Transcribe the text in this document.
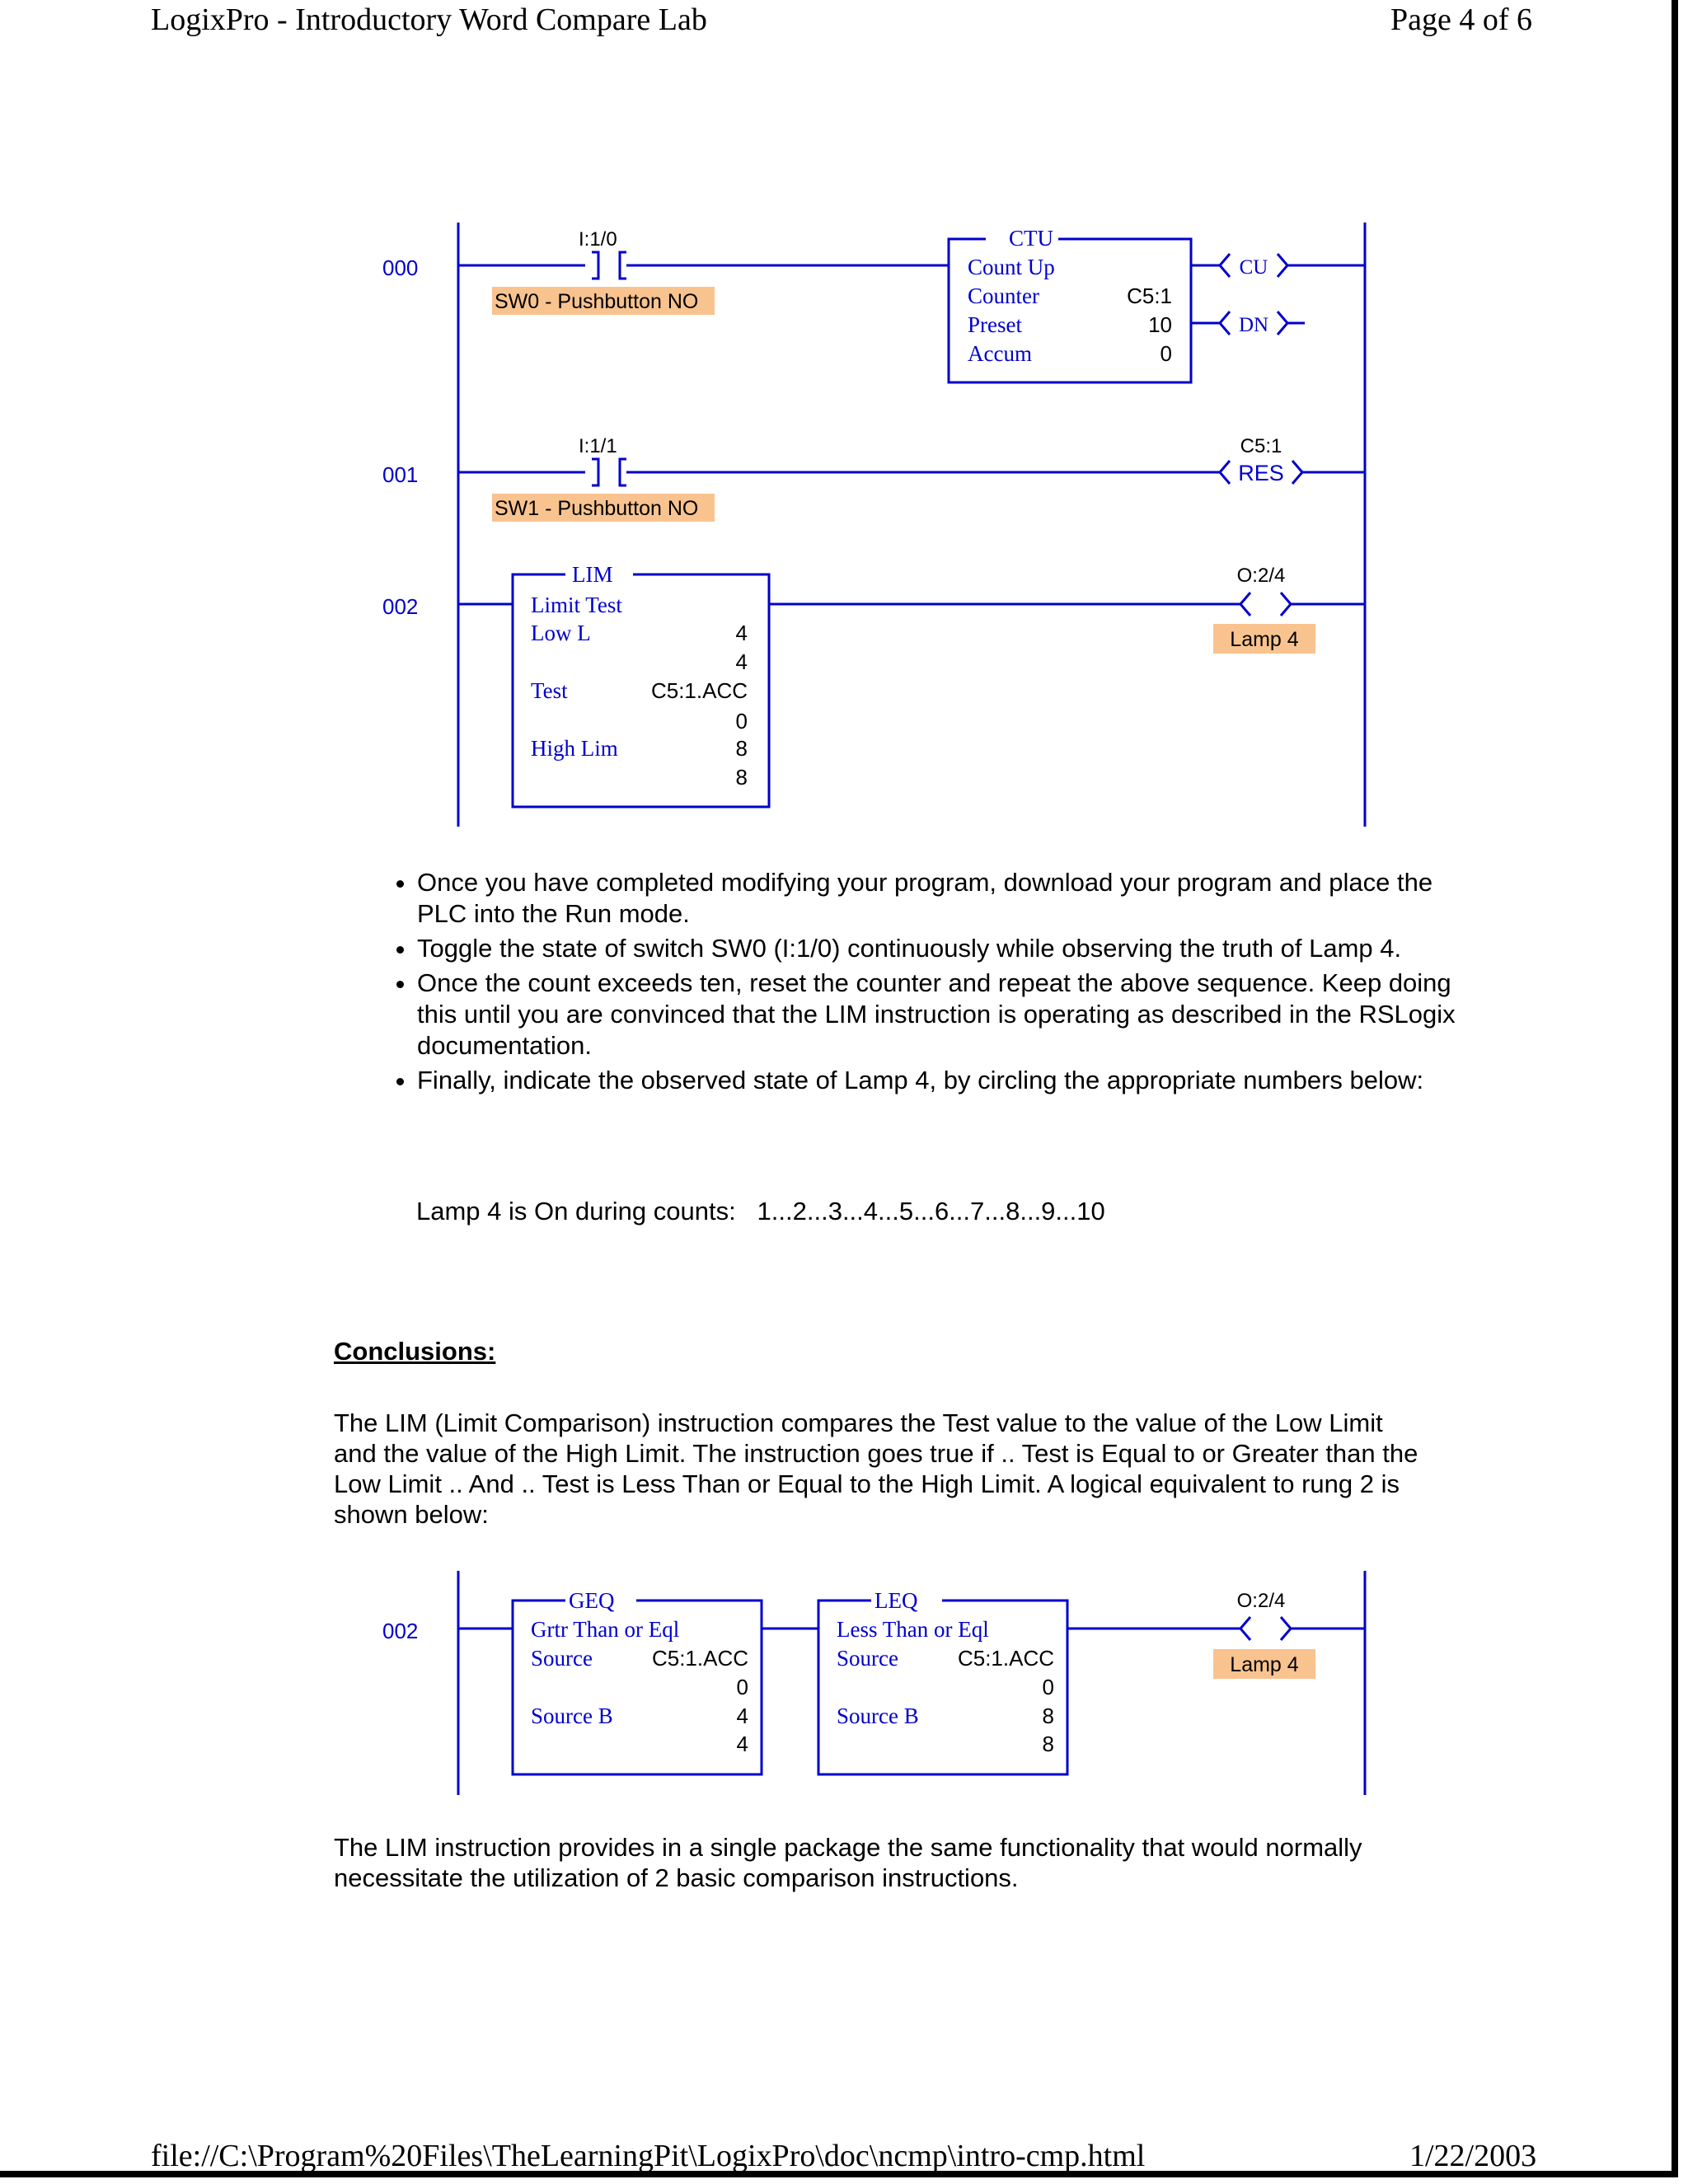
LogixPro - Introductory Word Compare Lab	Page 4 of 6
000
001
002
I:1/0
I:1/1
SW0 - Pushbutton NO
SW1 - Pushbutton NO
CTU
Count Up
Counter
Preset
Accum
C5:1
10
0
CU
DN
RES
C5:1
O:2/4
Lamp 4
LIM
Limit Test
Low L
Test
High Lim
4
4
C5:1.ACC
0
8
8
• Once you have completed modifying your program, download your program and place the PLC into the Run mode.
• Toggle the state of switch SW0 (I:1/0) continuously while observing the truth of Lamp 4.
• Once the count exceeds ten, reset the counter and repeat the above sequence. Keep doing this until you are convinced that the LIM instruction is operating as described in the RSLogix documentation.
• Finally, indicate the observed state of Lamp 4, by circling the appropriate numbers below:
Lamp 4 is On during counts:   1...2...3...4...5...6...7...8...9...10
Conclusions:
The LIM (Limit Comparison) instruction compares the Test value to the value of the Low Limit and the value of the High Limit. The instruction goes true if .. Test is Equal to or Greater than the Low Limit .. And .. Test is Less Than or Equal to the High Limit. A logical equivalent to rung 2 is shown below:
002
O:2/4
Lamp 4
GEQ
Grtr Than or Eql
Source
Source B
LEQ
Less Than or Eql
Source
Source B
C5:1.ACC
0
4
4
C5:1.ACC
0
8
8
The LIM instruction provides in a single package the same functionality that would normally necessitate the utilization of 2 basic comparison instructions.
file://C:\Program%20Files\TheLearningPit\LogixPro\doc\ncmp\intro-cmp.html	1/22/2003
